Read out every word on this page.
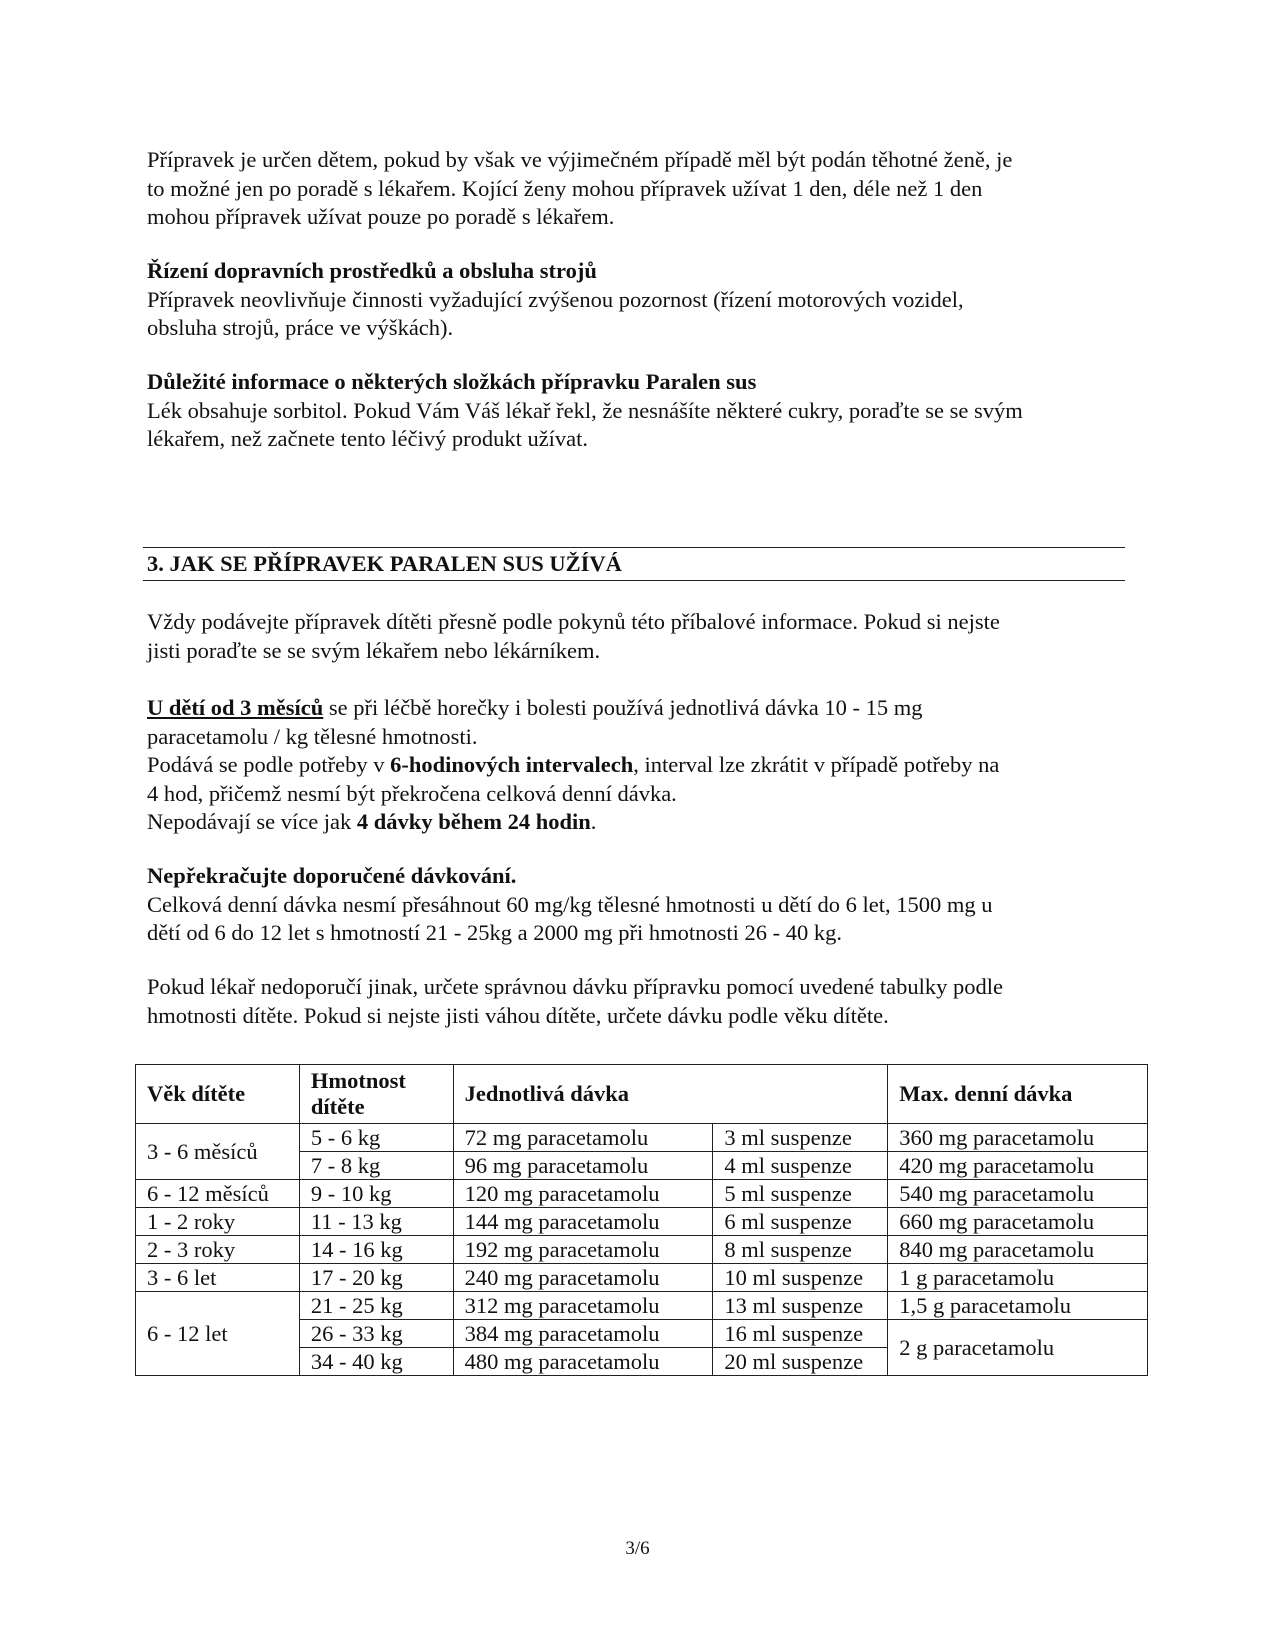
Přípravek je určen dětem, pokud by však ve výjimečném případě měl být podán těhotné ženě, je

to možné jen po poradě s lékařem. Kojící ženy mohou přípravek užívat 1 den, déle než 1 den

mohou přípravek užívat pouze po poradě s lékařem.

Řízení dopravních prostředků a obsluha strojů

Přípravek neovlivňuje činnosti vyžadující zvýšenou pozornost (řízení motorových vozidel,

obsluha strojů, práce ve výškách).

Důležité informace o některých složkách přípravku Paralen sus

Lék obsahuje sorbitol. Pokud Vám Váš lékař řekl, že nesnášíte některé cukry, poraďte se se svým

lékařem, než začnete tento léčivý produkt užívat.

3. JAK SE PŘÍPRAVEK PARALEN SUS UŽÍVÁ

Vždy podávejte přípravek dítěti přesně podle pokynů této příbalové informace. Pokud si nejste

jisti poraďte se se svým lékařem nebo lékárníkem.

U dětí od 3 měsíců se při léčbě horečky i bolesti používá jednotlivá dávka 10 - 15 mg

paracetamolu / kg tělesné hmotnosti.

Podává se podle potřeby v 6-hodinových intervalech, interval lze zkrátit v případě potřeby na

4 hod, přičemž nesmí být překročena celková denní dávka.

Nepodávají se více jak 4 dávky během 24 hodin.

Nepřekračujte doporučené dávkování.

Celková denní dávka nesmí přesáhnout 60 mg/kg tělesné hmotnosti u dětí do 6 let, 1500 mg u

dětí od 6 do 12 let s hmotností 21 - 25kg a 2000 mg při hmotnosti 26 - 40 kg.

Pokud lékař nedoporučí jinak, určete správnou dávku přípravku pomocí uvedené tabulky podle

hmotnosti dítěte. Pokud si nejste jisti váhou dítěte, určete dávku podle věku dítěte.

Věk dítěte	Hmotnost dítěte	Jednotlivá dávka		Max. denní dávka
3 - 6 měsíců	5 - 6 kg	72 mg paracetamolu	3 ml suspenze	360 mg paracetamolu
	7 - 8 kg	96 mg paracetamolu	4 ml suspenze	420 mg paracetamolu
6 - 12 měsíců	9 - 10 kg	120 mg paracetamolu	5 ml suspenze	540 mg paracetamolu
1 - 2 roky	11 - 13 kg	144 mg paracetamolu	6 ml suspenze	660 mg paracetamolu
2 - 3 roky	14 - 16 kg	192 mg paracetamolu	8 ml suspenze	840 mg paracetamolu
3 - 6 let	17 - 20 kg	240 mg paracetamolu	10 ml suspenze	1 g paracetamolu
6 - 12 let	21 - 25 kg	312 mg paracetamolu	13 ml suspenze	1,5 g paracetamolu
	26 - 33 kg	384 mg paracetamolu	16 ml suspenze	2 g paracetamolu
	34 - 40 kg	480 mg paracetamolu	20 ml suspenze	
3/6
